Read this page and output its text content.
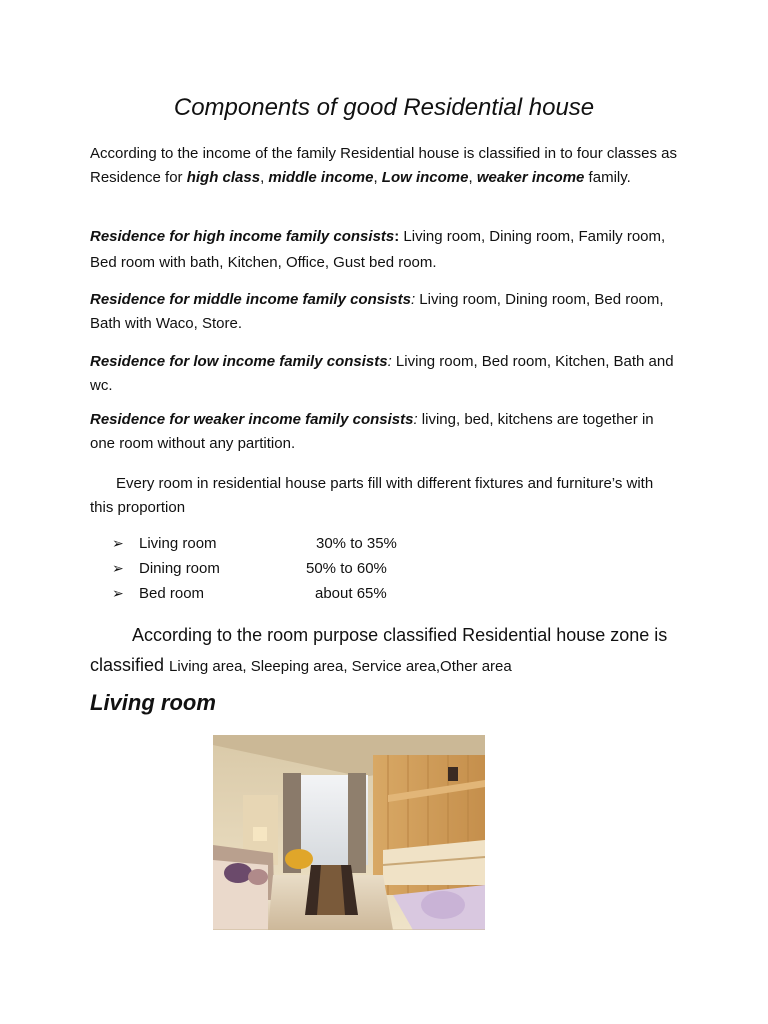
Components of good Residential house
According to the income of the family Residential house is classified in to four classes as Residence for high class, middle income, Low income, weaker income family.
Residence for high income family consists: Living room, Dining room, Family room, Bed room with bath, Kitchen, Office, Gust bed room.
Residence for middle income family consists: Living room, Dining room, Bed room, Bath with Waco, Store.
Residence for low income family consists: Living room, Bed room, Kitchen, Bath and wc.
Residence for weaker income family consists: living, bed, kitchens are together in one room without any partition.
Every room in residential house parts fill with different fixtures and furniture’s with this proportion
➢ Living room	30% to 35%
➢ Dining room	50% to 60%
➢ Bed room	about 65%
According to the room purpose classified Residential house zone is classified Living area, Sleeping area, Service area,Other area
Living room
